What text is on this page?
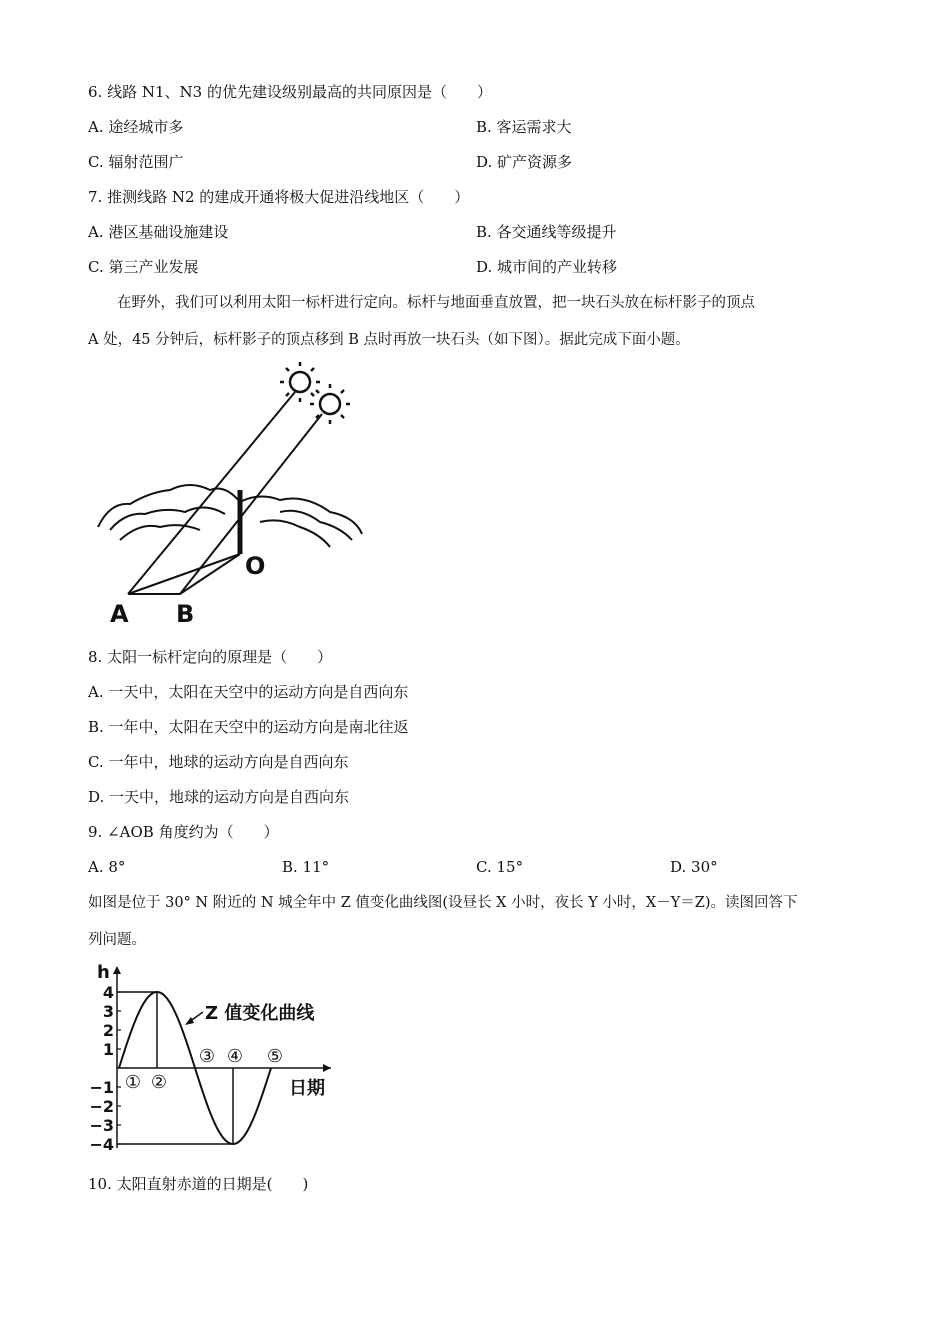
6. 线路 N1、N3 的优先建设级别最高的共同原因是（　　）
A. 途经城市多	B. 客运需求大
C. 辐射范围广	D. 矿产资源多
7. 推测线路 N2 的建成开通将极大促进沿线地区（　　）
A. 港区基础设施建设	B. 各交通线等级提升
C. 第三产业发展	D. 城市间的产业转移
　　在野外，我们可以利用太阳一标杆进行定向。标杆与地面垂直放置，把一块石头放在标杆影子的顶点
A 处，45 分钟后，标杆影子的顶点移到 B 点时再放一块石头（如下图）。据此完成下面小题。
O
A B
8. 太阳一标杆定向的原理是（　　）
A. 一天中，太阳在天空中的运动方向是自西向东
B. 一年中，太阳在天空中的运动方向是南北往返
C. 一年中，地球的运动方向是自西向东
D. 一天中，地球的运动方向是自西向东
9. ∠AOB 角度约为（　　）
A. 8°	B. 11°	C. 15°	D. 30°
如图是位于 30° N 附近的 N 城全年中 Z 值变化曲线图(设昼长 X 小时，夜长 Y 小时，X－Y＝Z)。读图回答下
列问题。
h
4
3
2
1
−1
−2
−3
−4
① ②
③ ④ ⑤
Z 值变化曲线
日期
10. 太阳直射赤道的日期是(　　)
